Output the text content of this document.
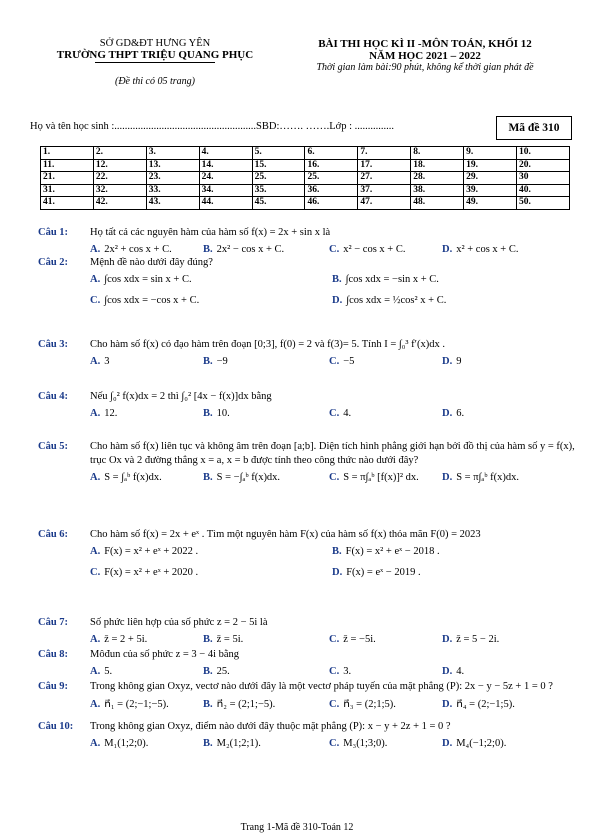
SỞ GD&ĐT HƯNG YÊN
TRƯỜNG THPT TRIỆU QUANG PHỤC
(Đề thi có 05 trang)
BÀI THI HỌC KÌ II -MÔN TOÁN, KHỐI 12
NĂM HỌC 2021 – 2022
Thời gian làm bài:90 phút, không kể thời gian phát đề
Họ và tên học sinh :......................................................SBD:……. …….Lớp : ...............	Mã đề 310
1.	2.	3.	4.	5.	6.	7.	8.	9.	10.
11.	12.	13.	14.	15.	16.	17.	18.	19.	20.
21.	22.	23.	24.	25.	25.	27.	28.	29.	30
31.	32.	33.	34.	35.	36.	37.	38.	39.	40.
41.	42.	43.	44.	45.	46.	47.	48.	49.	50.
Câu 1: Họ tất cả các nguyên hàm của hàm số f(x) = 2x + sin x là
A. 2x² + cos x + C.	B. 2x² − cos x + C.	C. x² − cos x + C.	D. x² + cos x + C.
Câu 2: Mệnh đề nào dưới đây đúng?
A. ∫cos xdx = sin x + C.	B. ∫cos xdx = −sin x + C.
C. ∫cos xdx = −cos x + C.	D. ∫cos xdx = ½cos² x + C.
Câu 3: Cho hàm số f(x) có đạo hàm trên đoạn [0;3], f(0) = 2 và f(3)= 5. Tính I = ∫₀³ f′(x)dx .
A. 3	B. −9	C. −5	D. 9
Câu 4: Nếu ∫₀² f(x)dx = 2 thì ∫₀² [4x − f(x)]dx bằng
A. 12.	B. 10.	C. 4.	D. 6.
Câu 5: Cho hàm số f(x) liên tục và không âm trên đoạn [a;b]. Diện tích hình phẳng giới hạn bởi đồ thị của hàm số y = f(x), trục Ox và 2 đường thẳng x = a, x = b được tính theo công thức nào dưới đây?
A. S = ∫ₐᵇ f(x)dx.	B. S = −∫ₐᵇ f(x)dx.	C. S = π∫ₐᵇ [f(x)]² dx. D. S = π∫ₐᵇ f(x)dx.
Câu 6: Cho hàm số f(x) = 2x + eˣ . Tìm một nguyên hàm F(x) của hàm số f(x) thỏa mãn F(0) = 2023
A. F(x) = x² + eˣ + 2022 .	B. F(x) = x² + eˣ − 2018 .
C. F(x) = x² + eˣ + 2020 .	D. F(x) = eˣ − 2019 .
Câu 7: Số phức liên hợp của số phức z = 2 − 5i là
A. z̄ = 2 + 5i.	B. z̄ = 5i.	C. z̄ = −5i.	D. z̄ = 5 − 2i.
Câu 8: Môđun của số phức z = 3 − 4i bằng
A. 5.	B. 25.	C. 3.	D. 4.
Câu 9: Trong không gian Oxyz, vectơ nào dưới đây là một vectơ pháp tuyến của mặt phẳng (P): 2x − y − 5z + 1 = 0 ?
A. n⃗₁ = (2;−1;−5).	B. n⃗₂ = (2;1;−5).	C. n⃗₃ = (2;1;5).	D. n⃗₄ = (2;−1;5).
Câu 10: Trong không gian Oxyz, điểm nào dưới đây thuộc mặt phẳng (P): x − y + 2z + 1 = 0 ?
A. M₁(1;2;0).	B. M₂(1;2;1).	C. M₃(1;3;0).	D. M₄(−1;2;0).
Trang 1-Mã đề 310-Toán 12
